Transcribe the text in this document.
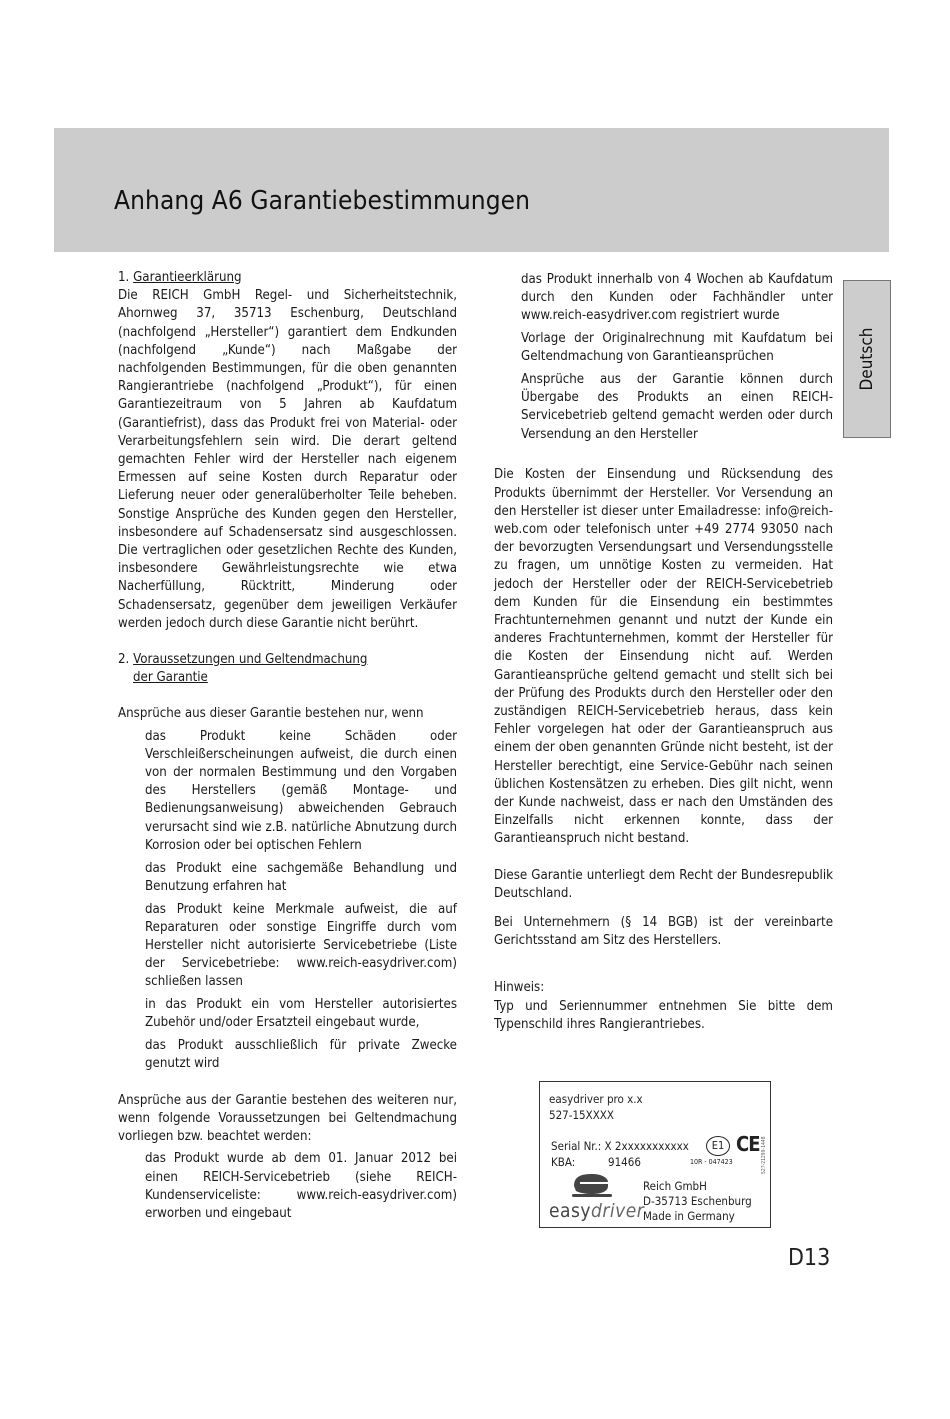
Anhang A6 Garantiebestimmungen
Deutsch

1. Garantieerklärung

Die REICH GmbH Regel- und Sicherheitstechnik, Ahornweg 37, 35713 Eschenburg, Deutschland (nachfolgend „Hersteller“) garantiert dem Endkunden (nachfolgend „Kunde“) nach Maßgabe der nachfolgenden Bestimmungen, für die oben genannten Rangierantriebe (nachfolgend „Produkt“), für einen Garantiezeitraum von 5 Jahren ab Kaufdatum (Garantiefrist), dass das Produkt frei von Material- oder Verarbeitungsfehlern sein wird. Die derart geltend gemachten Fehler wird der Hersteller nach eigenem Ermessen auf seine Kosten durch Reparatur oder Lieferung neuer oder generalüberholter Teile beheben. Sonstige Ansprüche des Kunden gegen den Hersteller, insbesondere auf Schadensersatz sind ausgeschlossen. Die vertraglichen oder gesetzlichen Rechte des Kunden, insbesondere Gewährleistungsrechte wie etwa Nacherfüllung, Rücktritt, Minderung oder Schadensersatz, gegenüber dem jeweiligen Verkäufer werden jedoch durch diese Garantie nicht berührt.

2. Voraussetzungen und Geltendmachung

der Garantie

Ansprüche aus dieser Garantie bestehen nur, wenn

das Produkt keine Schäden oder Verschleißerscheinungen aufweist, die durch einen von der normalen Bestimmung und den Vorgaben des Herstellers (gemäß Montage- und Bedienungsanweisung) abweichenden Gebrauch verursacht sind wie z.B. natürliche Abnutzung durch Korrosion oder bei optischen Fehlern
das Produkt eine sachgemäße Behandlung und Benutzung erfahren hat
das Produkt keine Merkmale aufweist, die auf Reparaturen oder sonstige Eingriffe durch vom Hersteller nicht autorisierte Servicebetriebe (Liste der Servicebetriebe: www.reich-easydriver.com) schließen lassen
in das Produkt ein vom Hersteller autorisiertes Zubehör und/oder Ersatzteil eingebaut wurde,
das Produkt ausschließlich für private Zwecke genutzt wird

Ansprüche aus der Garantie bestehen des weiteren nur, wenn folgende Voraussetzungen bei Geltendmachung vorliegen bzw. beachtet werden:

das Produkt wurde ab dem 01. Januar 2012 bei einen REICH-Servicebetrieb (siehe REICH-Kundenserviceliste: www.reich-easydriver.com) erworben und eingebaut
das Produkt innerhalb von 4 Wochen ab Kaufdatum durch den Kunden oder Fachhändler unter www.reich-easydriver.com registriert wurde
Vorlage der Originalrechnung mit Kaufdatum bei Geltendmachung von Garantieansprüchen
Ansprüche aus der Garantie können durch Übergabe des Produkts an einen REICH-Servicebetrieb geltend gemacht werden oder durch Versendung an den Hersteller

Die Kosten der Einsendung und Rücksendung des Produkts übernimmt der Hersteller. Vor Versendung an den Hersteller ist dieser unter Emailadresse: info@reich-web.com oder telefonisch unter +49 2774 93050 nach der bevorzugten Versendungsart und Versendungsstelle zu fragen, um unnötige Kosten zu vermeiden. Hat jedoch der Hersteller oder der REICH-Servicebetrieb dem Kunden für die Einsendung ein bestimmtes Frachtunternehmen genannt und nutzt der Kunde ein anderes Frachtunternehmen, kommt der Hersteller für die Kosten der Einsendung nicht auf. Werden Garantieansprüche geltend gemacht und stellt sich bei der Prüfung des Produkts durch den Hersteller oder den zuständigen REICH-Servicebetrieb heraus, dass kein Fehler vorgelegen hat oder der Garantieanspruch aus einem der oben genannten Gründe nicht besteht, ist der Hersteller berechtigt, eine Service-Gebühr nach seinen üblichen Kostensätzen zu erheben. Dies gilt nicht, wenn der Kunde nachweist, dass er nach den Umständen des Einzelfalls nicht erkennen konnte, dass der Garantieanspruch nicht bestand.

Diese Garantie unterliegt dem Recht der Bundesrepublik Deutschland.

Bei Unternehmern (§ 14 BGB) ist der vereinbarte Gerichtsstand am Sitz des Herstellers.

Hinweis:

Typ und Seriennummer entnehmen Sie bitte dem Typenschild ihres Rangierantriebes.

easydriver pro x.x
527-15XXXX
Serial Nr.: X 2xxxxxxxxxxx
KBA:	91466
E1 CE
10R - 047423
easydriver
Reich GmbH
D-35713 Eschenburg
Made in Germany
527-21299-1448
D13
